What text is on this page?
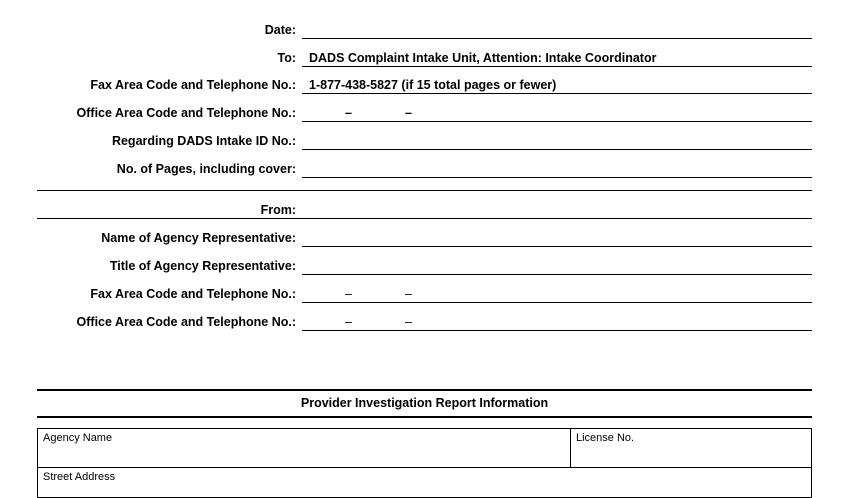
Date:
To: DADS Complaint Intake Unit, Attention: Intake Coordinator
Fax Area Code and Telephone No.: 1-877-438-5827 (if 15 total pages or fewer)
Office Area Code and Telephone No.:	–	–
Regarding DADS Intake ID No.:
No. of Pages, including cover:
From:
Name of Agency Representative:
Title of Agency Representative:
Fax Area Code and Telephone No.:	–	–
Office Area Code and Telephone No.:	–	–
Provider Investigation Report Information
Agency Name	License No.
Street Address
